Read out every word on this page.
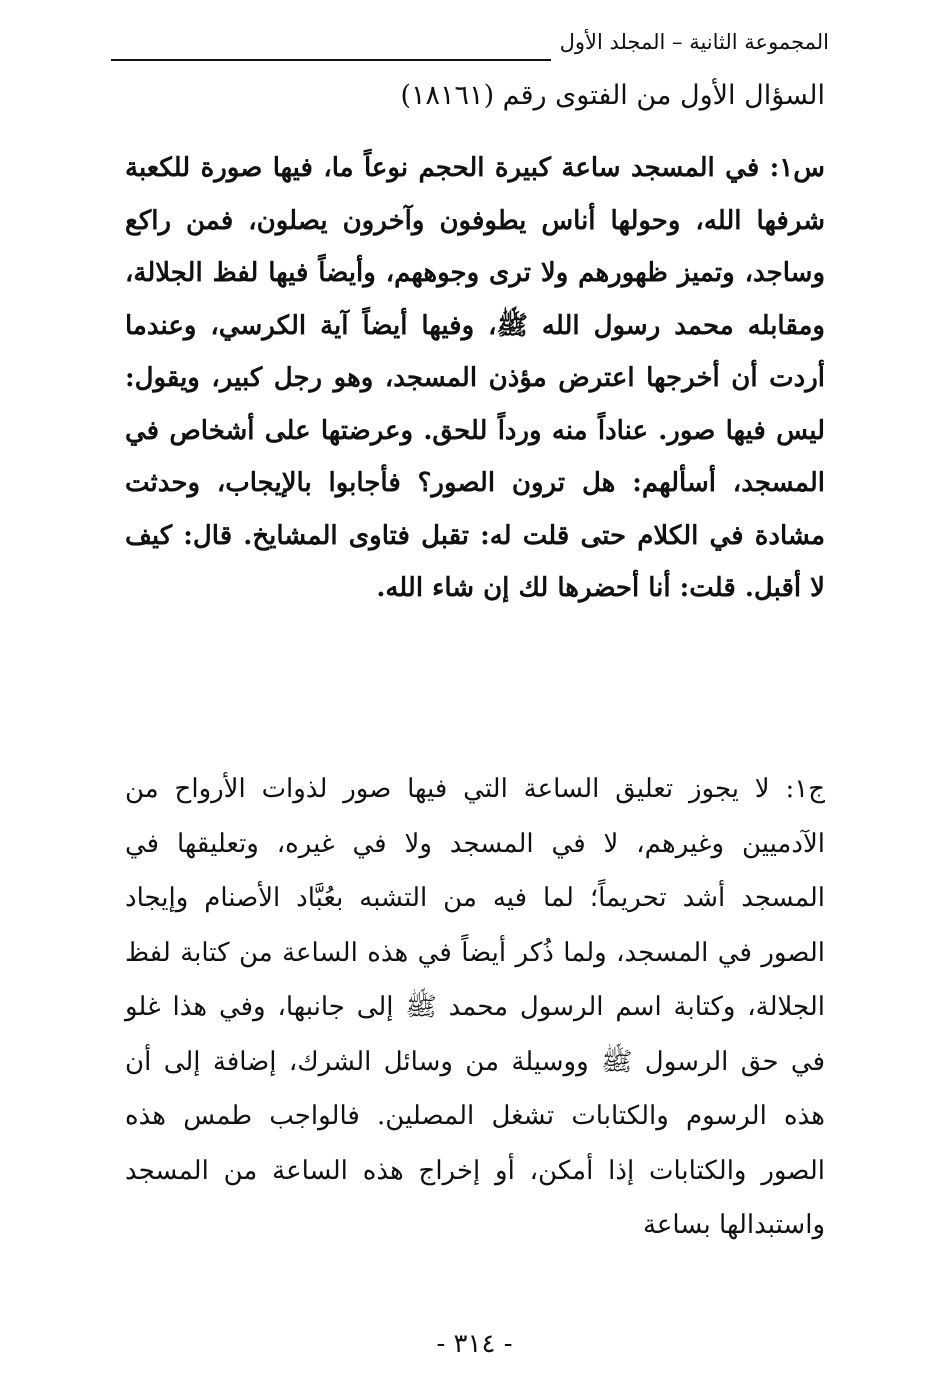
المجموعة الثانية – المجلد الأول
السؤال الأول من الفتوى رقم (١٨١٦١)
س١: في المسجد ساعة كبيرة الحجم نوعاً ما، فيها صورة للكعبة شرفها الله، وحولها أناس يطوفون وآخرون يصلون، فمن راكع وساجد، وتميز ظهورهم ولا ترى وجوههم، وأيضاً فيها لفظ الجلالة، ومقابله محمد رسول الله ﷺ، وفيها أيضاً آية الكرسي، وعندما أردت أن أخرجها اعترض مؤذن المسجد، وهو رجل كبير، ويقول: ليس فيها صور. عناداً منه ورداً للحق. وعرضتها على أشخاص في المسجد، أسألهم: هل ترون الصور؟ فأجابوا بالإيجاب، وحدثت مشادة في الكلام حتى قلت له: تقبل فتاوى المشايخ. قال: كيف لا أقبل. قلت: أنا أحضرها لك إن شاء الله.
ج١: لا يجوز تعليق الساعة التي فيها صور لذوات الأرواح من الآدميين وغيرهم، لا في المسجد ولا في غيره، وتعليقها في المسجد أشد تحريماً؛ لما فيه من التشبه بعُبَّاد الأصنام وإيجاد الصور في المسجد، ولما ذُكر أيضاً في هذه الساعة من كتابة لفظ الجلالة، وكتابة اسم الرسول محمد ﷺ إلى جانبها، وفي هذا غلو في حق الرسول ﷺ ووسيلة من وسائل الشرك، إضافة إلى أن هذه الرسوم والكتابات تشغل المصلين. فالواجب طمس هذه الصور والكتابات إذا أمكن، أو إخراج هذه الساعة من المسجد واستبدالها بساعة
- ٣١٤ -
